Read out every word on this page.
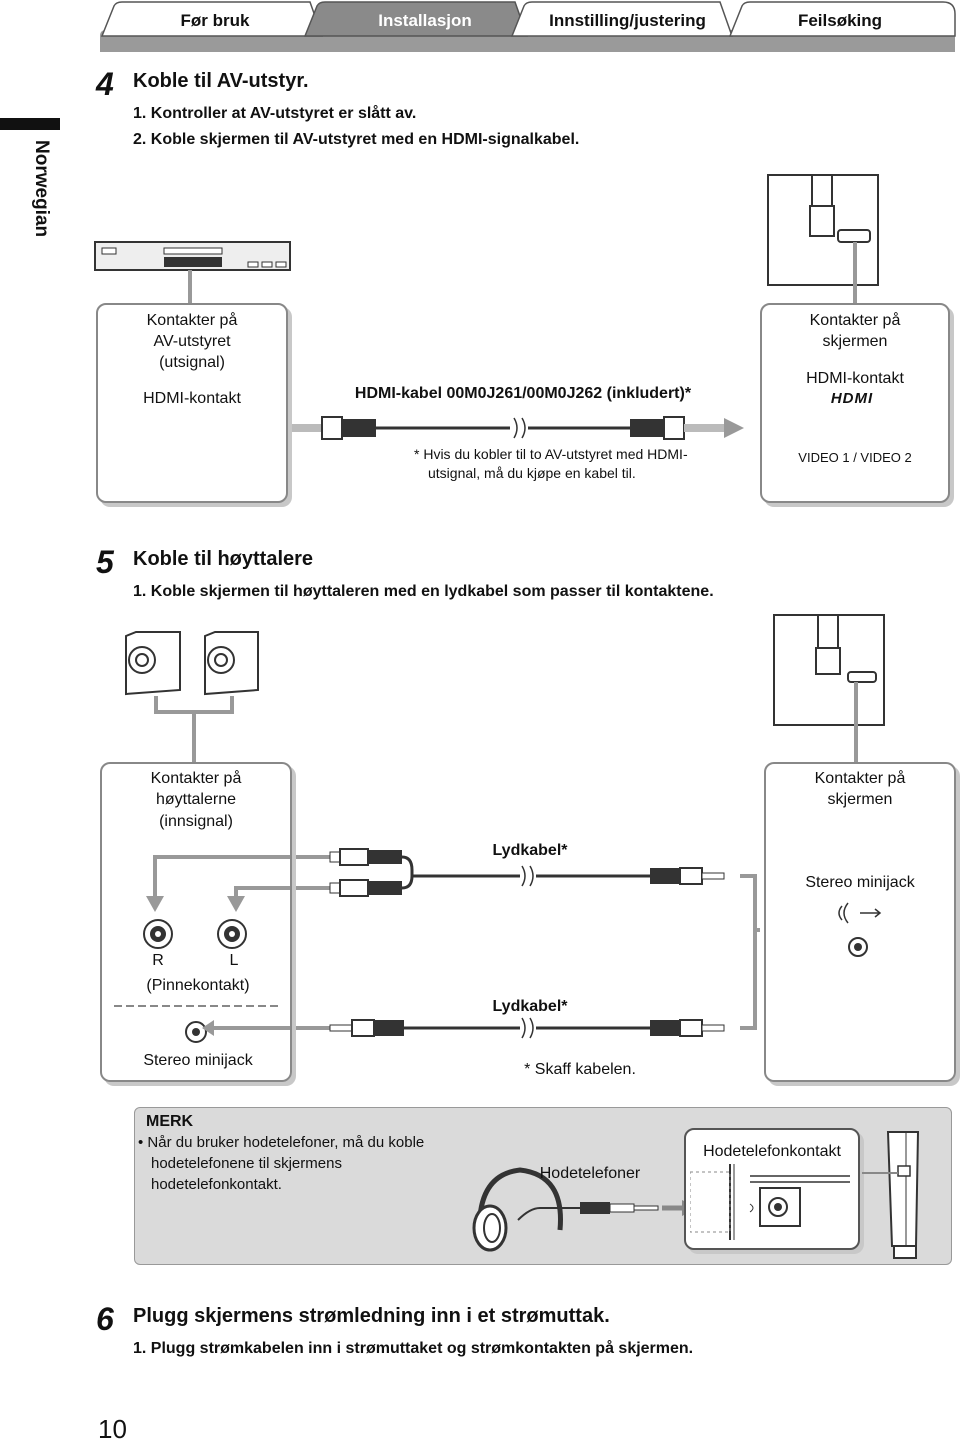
Før bruk	Installasjon	Innstilling/justering	Feilsøking
Norwegian
4 Koble til AV-utstyr.
1. Kontroller at AV-utstyret er slått av.
2. Koble skjermen til AV-utstyret med en HDMI-signalkabel.
Kontakter på
AV-utstyret
(utsignal)
HDMI-kontakt	HDMI-kabel 00M0J261/00M0J262 (inkludert)*
* Hvis du kobler til to AV-utstyret med HDMI-
utsignal, må du kjøpe en kabel til.
Kontakter på
skjermen
HDMI-kontakt
HDMI
VIDEO 1 / VIDEO 2
5 Koble til høyttalere
1. Koble skjermen til høyttaleren med en lydkabel som passer til kontaktene.
Kontakter på
høyttalerne
(innsignal)
R	L
(Pinnekontakt)
Stereo minijack
Lydkabel*
Lydkabel*
* Skaff kabelen.
Kontakter på
skjermen
Stereo minijack
MERK
• Når du bruker hodetelefoner, må du koble
hodetelefonene til skjermens
hodetelefonkontakt.
Hodetelefoner
Hodetelefonkontakt
6 Plugg skjermens strømledning inn i et strømuttak.
1. Plugg strømkabelen inn i strømuttaket og strømkontakten på skjermen.
10
